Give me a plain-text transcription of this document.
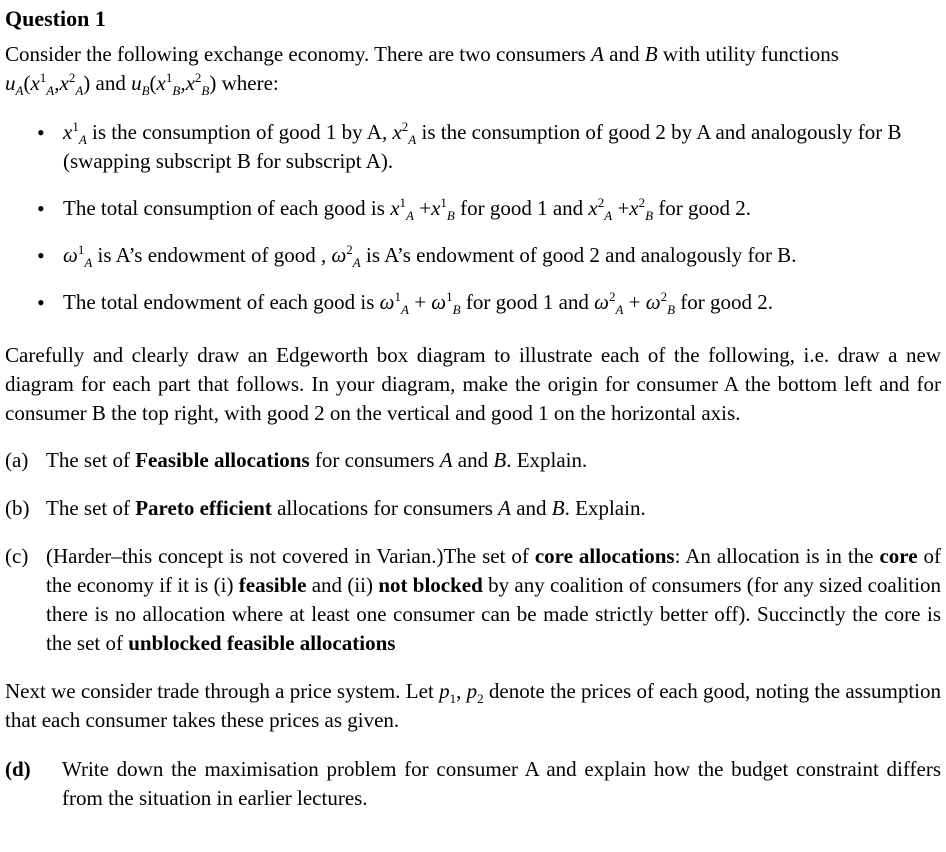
Question 1

Consider the following exchange economy. There are two consumers A and B with utility functions
$u_A(x^1_A,x^2_A)$ and $u_B(x^1_B,x^2_B)$ where:

• $x^1_A$ is the consumption of good 1 by A, $x^2_A$ is the consumption of good 2 by A and analogously for B (swapping subscript B for subscript A).
• The total consumption of each good is $x^1_A +x^1_B$ for good 1 and $x^2_A +x^2_B$ for good 2.
• $\omega^1_A$ is A’s endowment of good , $\omega^2_A$ is A’s endowment of good 2 and analogously for B.
• The total endowment of each good is $\omega^1_A + \omega^1_B$ for good 1 and $\omega^2_A + \omega^2_B$ for good 2.

Carefully and clearly draw an Edgeworth box diagram to illustrate each of the following, i.e. draw a new diagram for each part that follows. In your diagram, make the origin for consumer A the bottom left and for consumer B the top right, with good 2 on the vertical and good 1 on the horizontal axis.

(a) The set of Feasible allocations for consumers A and B. Explain.
(b) The set of Pareto efficient allocations for consumers A and B. Explain.
(c) (Harder–this concept is not covered in Varian.)The set of core allocations: An allocation is in the core of the economy if it is (i) feasible and (ii) not blocked by any coalition of consumers (for any sized coalition there is no allocation where at least one consumer can be made strictly better off). Succinctly the core is the set of unblocked feasible allocations

Next we consider trade through a price system. Let $p_1$, $p_2$ denote the prices of each good, noting the assumption that each consumer takes these prices as given.

(d) Write down the maximisation problem for consumer A and explain how the budget constraint differs from the situation in earlier lectures.
